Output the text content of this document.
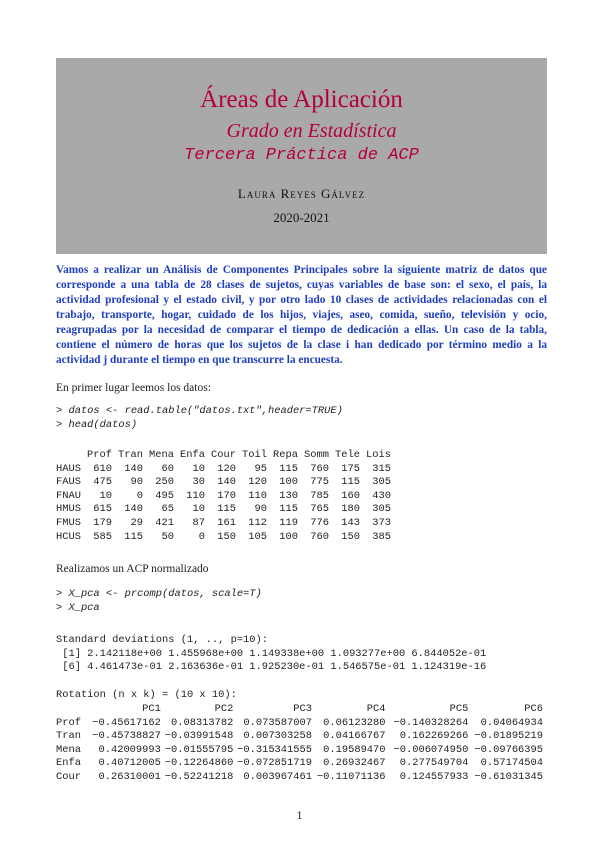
Áreas de Aplicación
Grado en Estadística
Tercera Práctica de ACP
Laura Reyes Gálvez
2020-2021
Vamos a realizar un Análisis de Componentes Principales sobre la siguiente matriz de datos que corresponde a una tabla de 28 clases de sujetos, cuyas variables de base son: el sexo, el país, la actividad profesional y el estado civil, y por otro lado 10 clases de actividades relacionadas con el trabajo, transporte, hogar, cuidado de los hijos, viajes, aseo, comida, sueño, televisión y ocio, reagrupadas por la necesidad de comparar el tiempo de dedicación a ellas. Un caso de la tabla, contiene el número de horas que los sujetos de la clase i han dedicado por término medio a la actividad j durante el tiempo en que transcurre la encuesta.
En primer lugar leemos los datos:
> datos <- read.table("datos.txt",header=TRUE)
> head(datos)
	Prof	Tran	Mena	Enfa	Cour	Toil	Repa	Somm	Tele	Lois
HAUS	610	140	60	10	120	95	115	760	175	315
FAUS	475	90	250	30	140	120	100	775	115	305
FNAU	10	0	495	110	170	110	130	785	160	430
HMUS	615	140	65	10	115	90	115	765	180	305
FMUS	179	29	421	87	161	112	119	776	143	373
HCUS	585	115	50	0	150	105	100	760	150	385
Realizamos un ACP normalizado
> X_pca <- prcomp(datos, scale=T)
> X_pca
Standard deviations (1, .., p=10):
[1] 2.142118e+00 1.455968e+00 1.149338e+00 1.093277e+00 6.844052e-01
[6] 4.461473e-01 2.163636e-01 1.925230e-01 1.546575e-01 1.124319e-16
Rotation (n x k) = (10 x 10):
	PC1	PC2	PC3	PC4	PC5	PC6
Prof	−0.45617162	0.08313782	0.073587007	0.06123280	−0.140328264	0.04064934
Tran	−0.45738827	−0.03991548	0.007303258	0.04166767	0.162269266	−0.01895219
Mena	0.42009993	−0.01555795	−0.315341555	0.19589470	−0.006074950	−0.09766395
Enfa	0.40712005	−0.12264860	−0.072851719	0.26932467	0.277549704	0.57174504
Cour	0.26310001	−0.52241218	0.003967461	−0.11071136	0.124557933	−0.61031345
1
